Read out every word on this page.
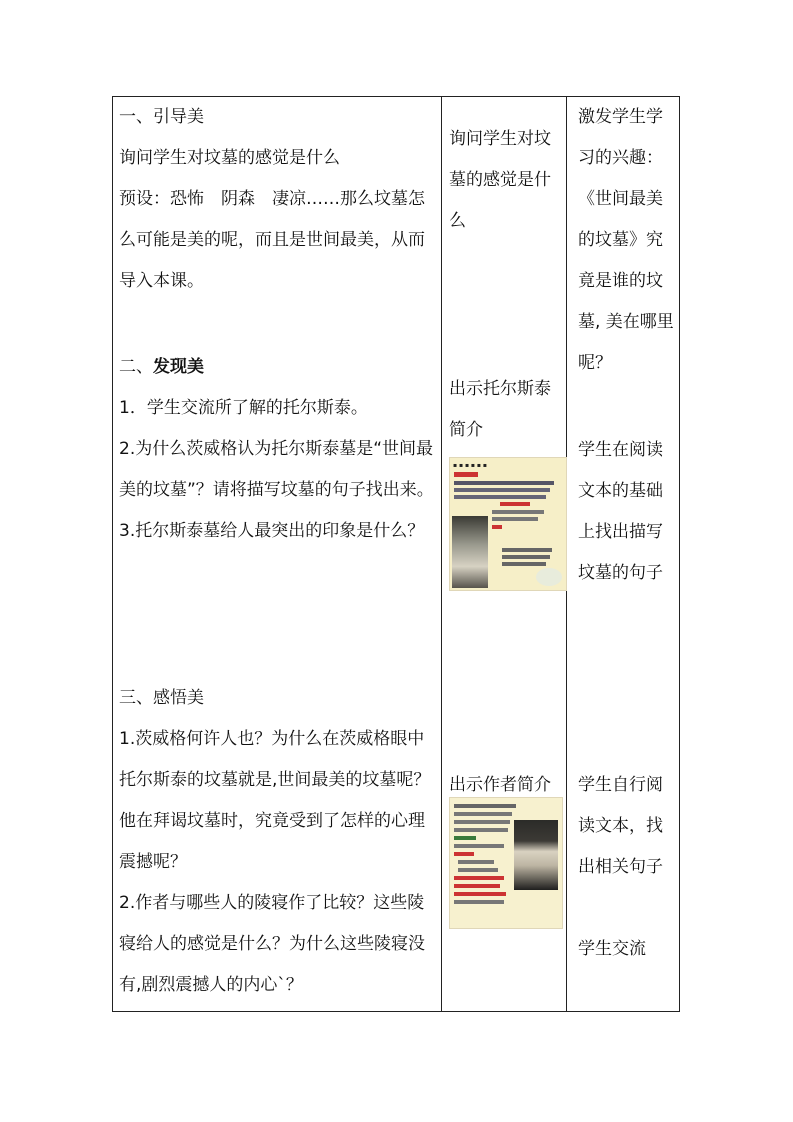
一、引导美

询问学生对坟墓的感觉是什么

预设：恐怖　阴森　凄凉……那么坟墓怎么可能是美的呢，而且是世间最美，从而导入本课。

二、发现美

1．学生交流所了解的托尔斯泰。

2.为什么茨威格认为托尔斯泰墓是“世间最美的坟墓”？请将描写坟墓的句子找出来。

3.托尔斯泰墓给人最突出的印象是什么？

三、感悟美

1.茨威格何许人也？为什么在茨威格眼中托尔斯泰的坟墓就是,世间最美的坟墓呢？他在拜谒坟墓时，究竟受到了怎样的心理震撼呢？

2.作者与哪些人的陵寝作了比较？这些陵寝给人的感觉是什么？为什么这些陵寝没有,剧烈震撼人的内心`？

询问学生对坟墓的感觉是什么

出示托尔斯泰简介

▪ ▪ ▪ ▪ ▪ ▪

出示作者简介

激发学生学习的兴趣：《世间最美的坟墓》究竟是谁的坟墓, 美在哪里呢？

学生在阅读文本的基础上找出描写坟墓的句子

学生自行阅读文本，找出相关句子

学生交流
